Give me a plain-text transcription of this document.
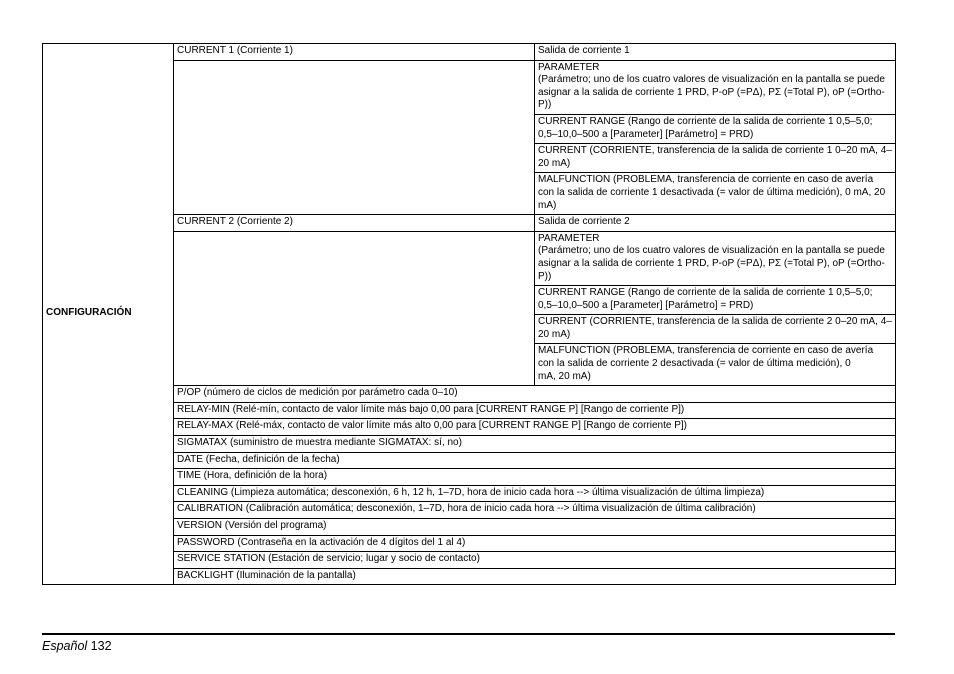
CONFIGURACIÓN	CURRENT 1 (Corriente 1)	Salida de corriente 1
		PARAMETER
(Parámetro; uno de los cuatro valores de visualización en la pantalla se puede asignar a la salida de corriente 1 PRD, P-oP (=PΔ), PΣ (=Total P), oP (=Ortho-P))
		CURRENT RANGE (Rango de corriente de la salida de corriente 1 0,5–5,0; 0,5–10,0–500 a [Parameter] [Parámetro] = PRD)
		CURRENT (CORRIENTE, transferencia de la salida de corriente 1 0–20 mA, 4–20 mA)
		MALFUNCTION (PROBLEMA, transferencia de corriente en caso de avería con la salida de corriente 1 desactivada (= valor de última medición), 0 mA, 20 mA)
	CURRENT 2 (Corriente 2)	Salida de corriente 2
		PARAMETER
(Parámetro; uno de los cuatro valores de visualización en la pantalla se puede asignar a la salida de corriente 1 PRD, P-oP (=PΔ), PΣ (=Total P), oP (=Ortho-P))
		CURRENT RANGE (Rango de corriente de la salida de corriente 1 0,5–5,0; 0,5–10,0–500 a [Parameter] [Parámetro] = PRD)
		CURRENT (CORRIENTE, transferencia de la salida de corriente 2 0–20 mA, 4–20 mA)
		MALFUNCTION (PROBLEMA, transferencia de corriente en caso de avería con la salida de corriente 2 desactivada (= valor de última medición), 0
mA, 20 mA)
	P/OP (número de ciclos de medición por parámetro cada 0–10)	
	RELAY-MIN (Relé-mín, contacto de valor límite más bajo 0,00 para [CURRENT RANGE P] [Rango de corriente P])	
	RELAY-MAX (Relé-máx, contacto de valor límite más alto 0,00 para [CURRENT RANGE P] [Rango de corriente P])	
	SIGMATAX (suministro de muestra mediante SIGMATAX: sí, no)	
	DATE (Fecha, definición de la fecha)	
	TIME (Hora, definición de la hora)	
	CLEANING (Limpieza automática; desconexión, 6 h, 12 h, 1–7D, hora de inicio cada hora --> última visualización de última limpieza)	
	CALIBRATION (Calibración automática; desconexión, 1–7D, hora de inicio cada hora --> última visualización de última calibración)	
	VERSION (Versión del programa)	
	PASSWORD (Contraseña en la activación de 4 dígitos del 1 al 4)	
	SERVICE STATION (Estación de servicio; lugar y socio de contacto)	
	BACKLIGHT (Iluminación de la pantalla)	
Español 132
